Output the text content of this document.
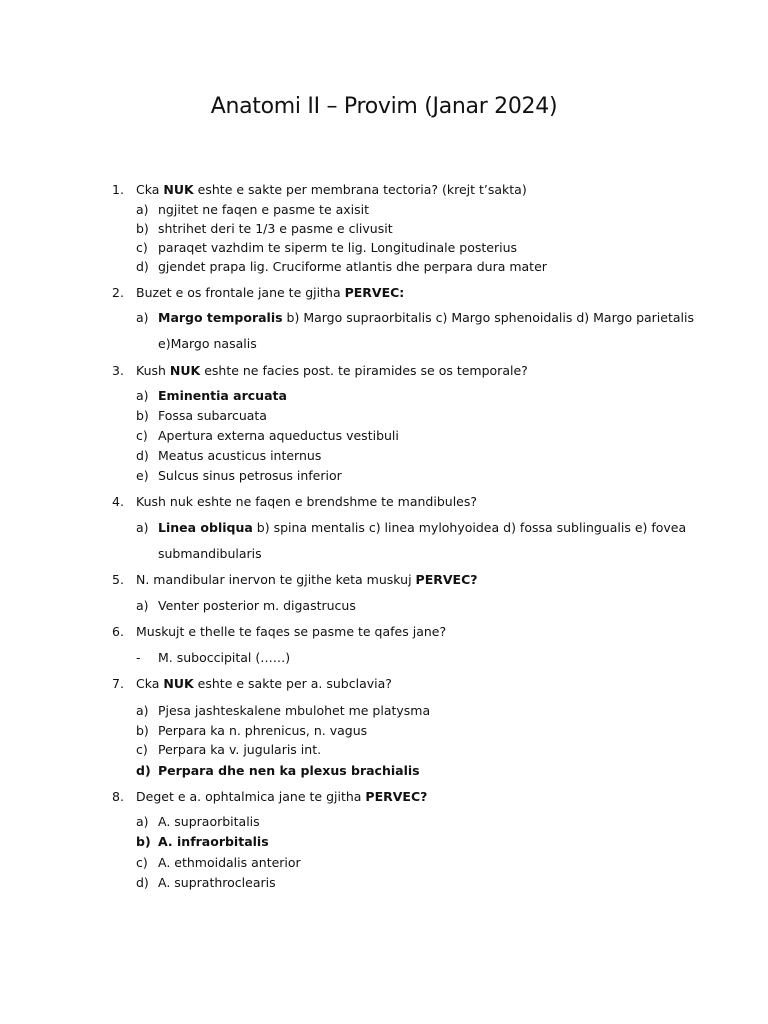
Anatomi II – Provim (Janar 2024)
1. Cka NUK eshte e sakte per membrana tectoria? (krejt t’sakta)
a) ngjitet ne faqen e pasme te axisit
b) shtrihet deri te 1/3 e pasme e clivusit
c) paraqet vazhdim te siperm te lig. Longitudinale posterius
d) gjendet prapa lig. Cruciforme atlantis dhe perpara dura mater
2. Buzet e os frontale jane te gjitha PERVEC:
a) Margo temporalis b) Margo supraorbitalis c) Margo sphenoidalis d) Margo parietalis
e)Margo nasalis
3. Kush NUK eshte ne facies post. te piramides se os temporale?
a) Eminentia arcuata
b) Fossa subarcuata
c) Apertura externa aqueductus vestibuli
d) Meatus acusticus internus
e) Sulcus sinus petrosus inferior
4. Kush nuk eshte ne faqen e brendshme te mandibules?
a) Linea obliqua b) spina mentalis c) linea mylohyoidea d) fossa sublingualis e) fovea
submandibularis
5. N. mandibular inervon te gjithe keta muskuj PERVEC?
a) Venter posterior m. digastrucus
6. Muskujt e thelle te faqes se pasme te qafes jane?
- M. suboccipital (……)
7. Cka NUK eshte e sakte per a. subclavia?
a) Pjesa jashteskalene mbulohet me platysma
b) Perpara ka n. phrenicus, n. vagus
c) Perpara ka v. jugularis int.
d) Perpara dhe nen ka plexus brachialis
8. Deget e a. ophtalmica jane te gjitha PERVEC?
a) A. supraorbitalis
b) A. infraorbitalis
c) A. ethmoidalis anterior
d) A. suprathroclearis
